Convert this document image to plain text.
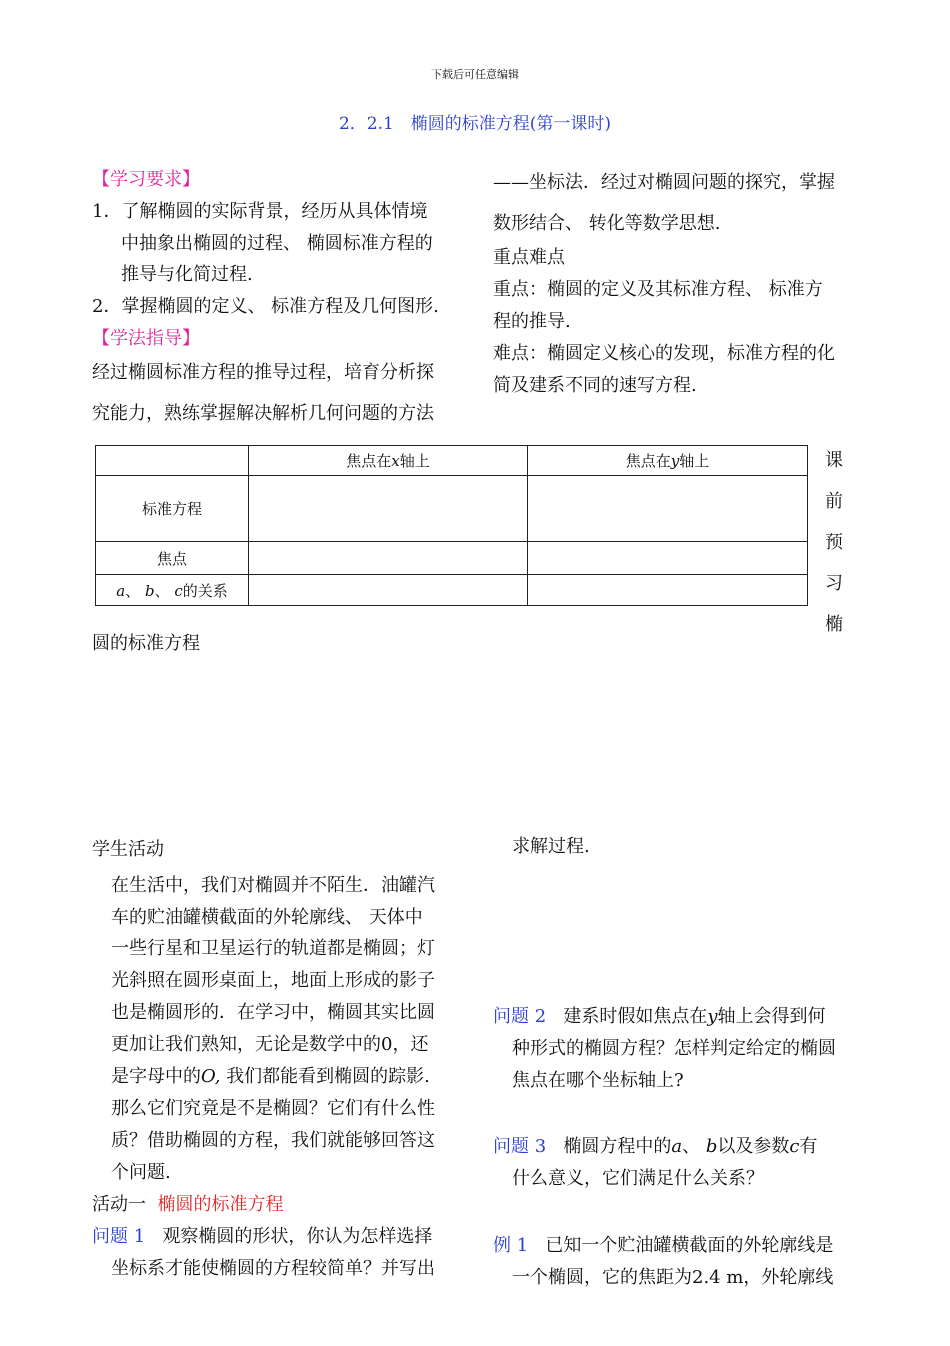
下载后可任意编辑
2．2.1　椭圆的标准方程(第一课时)
【学习要求】
1．了解椭圆的实际背景，经历从具体情境
中抽象出椭圆的过程、 椭圆标准方程的
推导与化简过程.
2．掌握椭圆的定义、 标准方程及几何图形.
【学法指导】
经过椭圆标准方程的推导过程，培育分析探
究能力，熟练掌握解决解析几何问题的方法
——坐标法．经过对椭圆问题的探究，掌握
数形结合、 转化等数学思想.
重点难点
重点：椭圆的定义及其标准方程、 标准方
程的推导.
难点：椭圆定义核心的发现，标准方程的化
简及建系不同的速写方程.
	焦点在x轴上	焦点在y轴上
标准方程		
焦点		
a、 b、 c的关系		
课
前
预
习
椭
圆的标准方程
学生活动
在生活中，我们对椭圆并不陌生．油罐汽
车的贮油罐横截面的外轮廓线、 天体中
一些行星和卫星运行的轨道都是椭圆；灯
光斜照在圆形桌面上，地面上形成的影子
也是椭圆形的．在学习中，椭圆其实比圆
更加让我们熟知，无论是数学中的0，还
是字母中的O, 我们都能看到椭圆的踪影.
那么它们究竟是不是椭圆？它们有什么性
质？借助椭圆的方程，我们就能够回答这
个问题.
活动一 椭圆的标准方程
问题 1 观察椭圆的形状，你认为怎样选择
坐标系才能使椭圆的方程较简单？并写出
求解过程.
问题 2 建系时假如焦点在y轴上会得到何
种形式的椭圆方程？怎样判定给定的椭圆
焦点在哪个坐标轴上?
问题 3 椭圆方程中的a、 b以及参数c有
什么意义，它们满足什么关系？
例 1 已知一个贮油罐横截面的外轮廓线是
一个椭圆，它的焦距为2.4 m，外轮廓线
